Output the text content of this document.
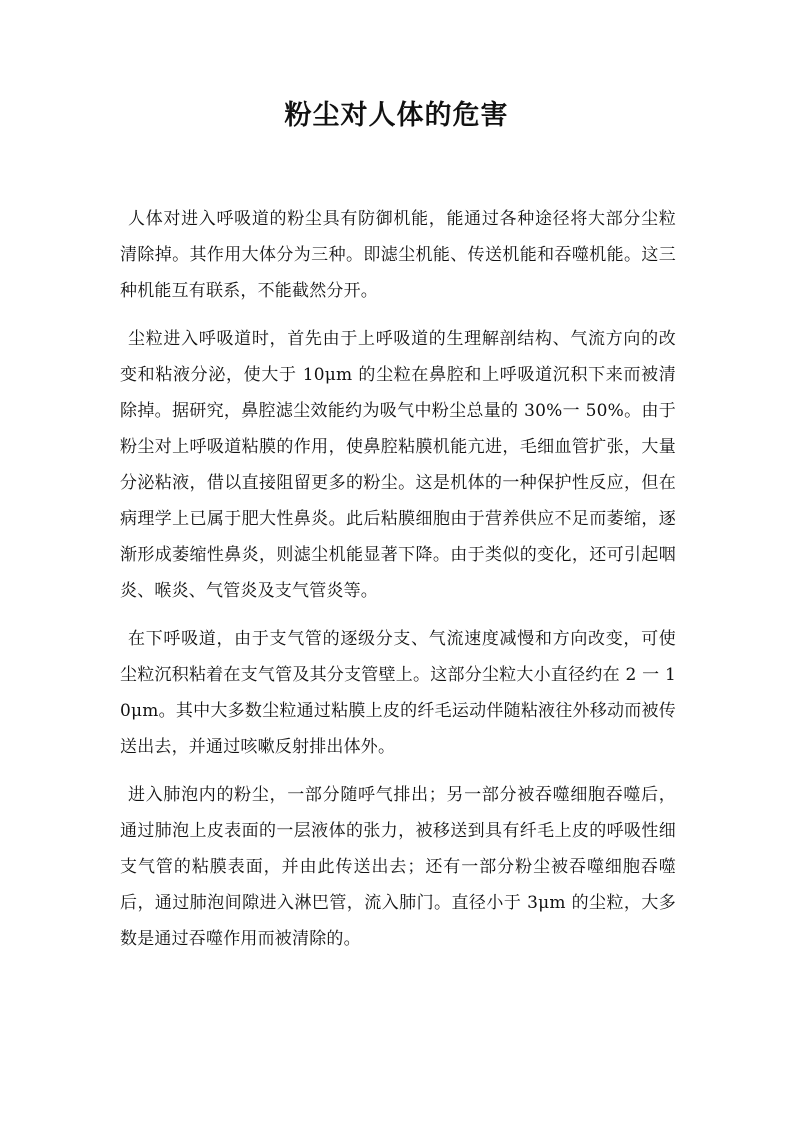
粉尘对人体的危害

人体对进入呼吸道的粉尘具有防御机能，能通过各种途径将大部分尘粒清除掉。其作用大体分为三种。即滤尘机能、传送机能和吞噬机能。这三种机能互有联系，不能截然分开。

尘粒进入呼吸道时，首先由于上呼吸道的生理解剖结构、气流方向的改变和粘液分泌，使大于 10μm 的尘粒在鼻腔和上呼吸道沉积下来而被清除掉。据研究，鼻腔滤尘效能约为吸气中粉尘总量的 30%一 50%。由于粉尘对上呼吸道粘膜的作用，使鼻腔粘膜机能亢进，毛细血管扩张，大量分泌粘液，借以直接阻留更多的粉尘。这是机体的一种保护性反应，但在病理学上已属于肥大性鼻炎。此后粘膜细胞由于营养供应不足而萎缩，逐渐形成萎缩性鼻炎，则滤尘机能显著下降。由于类似的变化，还可引起咽炎、喉炎、气管炎及支气管炎等。

在下呼吸道，由于支气管的逐级分支、气流速度减慢和方向改变，可使尘粒沉积粘着在支气管及其分支管壁上。这部分尘粒大小直径约在 2 一 10μm。其中大多数尘粒通过粘膜上皮的纤毛运动伴随粘液往外移动而被传送出去，并通过咳嗽反射排出体外。

进入肺泡内的粉尘，一部分随呼气排出；另一部分被吞噬细胞吞噬后，通过肺泡上皮表面的一层液体的张力，被移送到具有纤毛上皮的呼吸性细支气管的粘膜表面，并由此传送出去；还有一部分粉尘被吞噬细胞吞噬后，通过肺泡间隙进入淋巴管，流入肺门。直径小于 3μm 的尘粒，大多数是通过吞噬作用而被清除的。
